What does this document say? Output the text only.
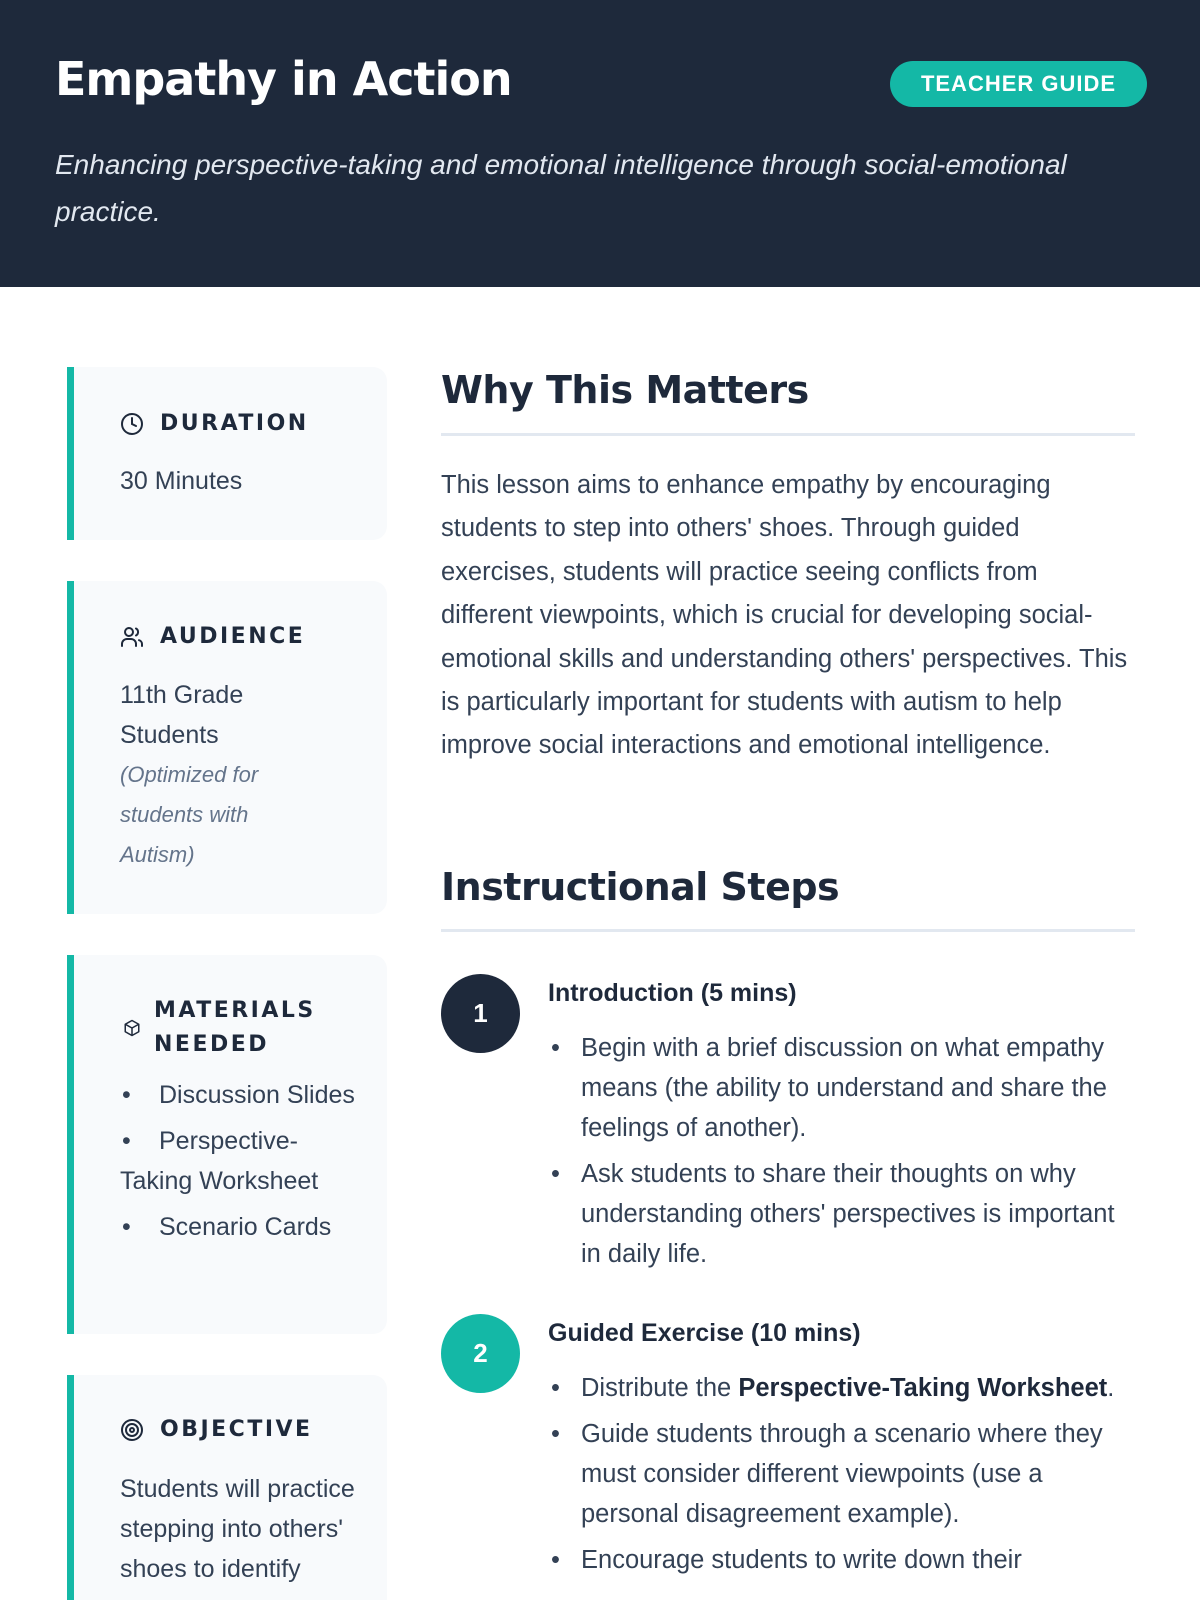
Empathy in Action	TEACHER GUIDE
Enhancing perspective-taking and emotional intelligence through social-emotional practice.
DURATION
30 Minutes
AUDIENCE
11th Grade Students
(Optimized for students with Autism)
MATERIALS NEEDED
• Discussion Slides
• Perspective-Taking Worksheet
• Scenario Cards
OBJECTIVE
Students will practice stepping into others' shoes to identify
Why This Matters
This lesson aims to enhance empathy by encouraging students to step into others' shoes. Through guided exercises, students will practice seeing conflicts from different viewpoints, which is crucial for developing social-emotional skills and understanding others' perspectives. This is particularly important for students with autism to help improve social interactions and emotional intelligence.
Instructional Steps
1
Introduction (5 mins)
• Begin with a brief discussion on what empathy means (the ability to understand and share the feelings of another).
• Ask students to share their thoughts on why understanding others' perspectives is important in daily life.
2
Guided Exercise (10 mins)
• Distribute the Perspective-Taking Worksheet.
• Guide students through a scenario where they must consider different viewpoints (use a personal disagreement example).
• Encourage students to write down their
